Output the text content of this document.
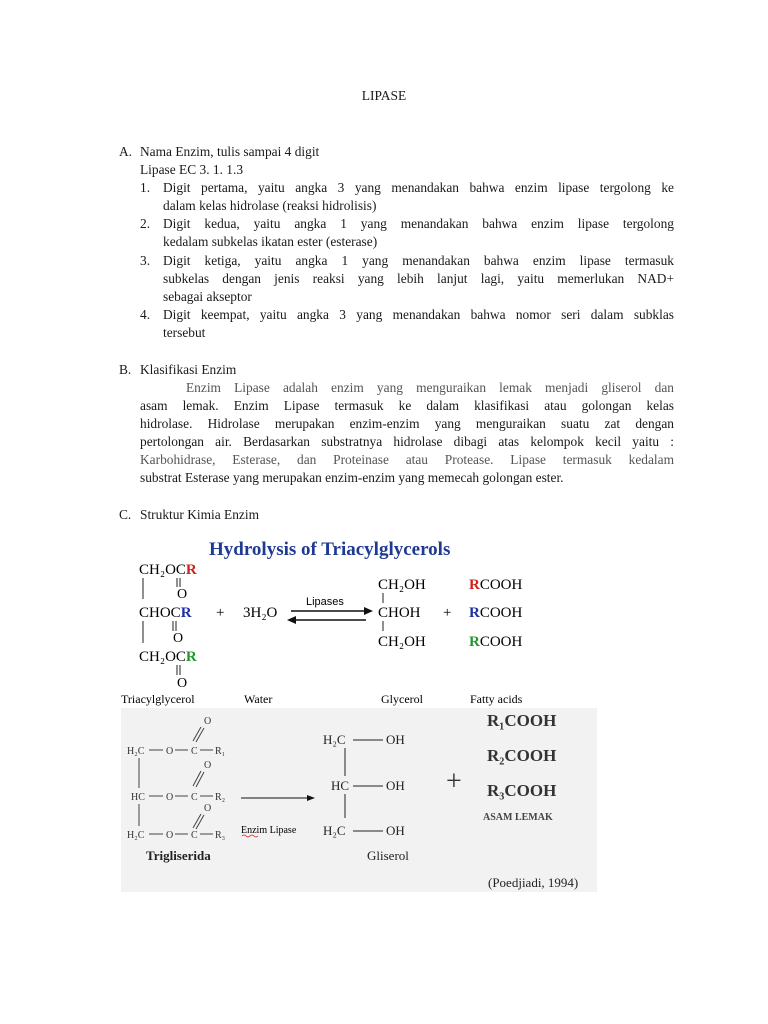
LIPASE
A. Nama Enzim, tulis sampai 4 digit
Lipase EC 3. 1. 1.3
1. Digit pertama, yaitu angka 3 yang menandakan bahwa enzim lipase tergolong ke
dalam kelas hidrolase (reaksi hidrolisis)
2. Digit kedua, yaitu angka 1 yang menandakan bahwa enzim lipase tergolong
kedalam subkelas ikatan ester (esterase)
3. Digit ketiga, yaitu angka 1 yang menandakan bahwa enzim lipase termasuk
subkelas dengan jenis reaksi yang lebih lanjut lagi, yaitu memerlukan NAD+
sebagai akseptor
4. Digit keempat, yaitu angka 3 yang menandakan bahwa nomor seri dalam subklas
tersebut
B. Klasifikasi Enzim
Enzim Lipase adalah enzim yang menguraikan lemak menjadi gliserol dan
asam lemak. Enzim Lipase termasuk ke dalam klasifikasi atau golongan kelas
hidrolase. Hidrolase merupakan enzim-enzim yang menguraikan suatu zat dengan
pertolongan air. Berdasarkan substratnya hidrolase dibagi atas kelompok kecil yaitu :
Karbohidrase, Esterase, dan Proteinase atau Protease. Lipase termasuk kedalam
substrat Esterase yang merupakan enzim-enzim yang memecah golongan ester.
C. Struktur Kimia Enzim
Hydrolysis of Triacylglycerols
CH₂OCR
O
CHOCR
O
CH₂OCR
O
+ 3H₂O
Lipases
CH₂OH
CHOH
CH₂OH
+
RCOOH
RCOOH
RCOOH
Triacylglycerol	Water	Glycerol	Fatty acids
O
H₂C O C R₁
O
HC O C R₂
O
H₂C O C R₃ Enzim Lipase
H₂C	OH
HC	OH
H₂C	OH
+
R₁COOH
R₂COOH
R₃COOH
ASAM LEMAK
Trigliserida	Gliserol
(Poedjiadi, 1994)
